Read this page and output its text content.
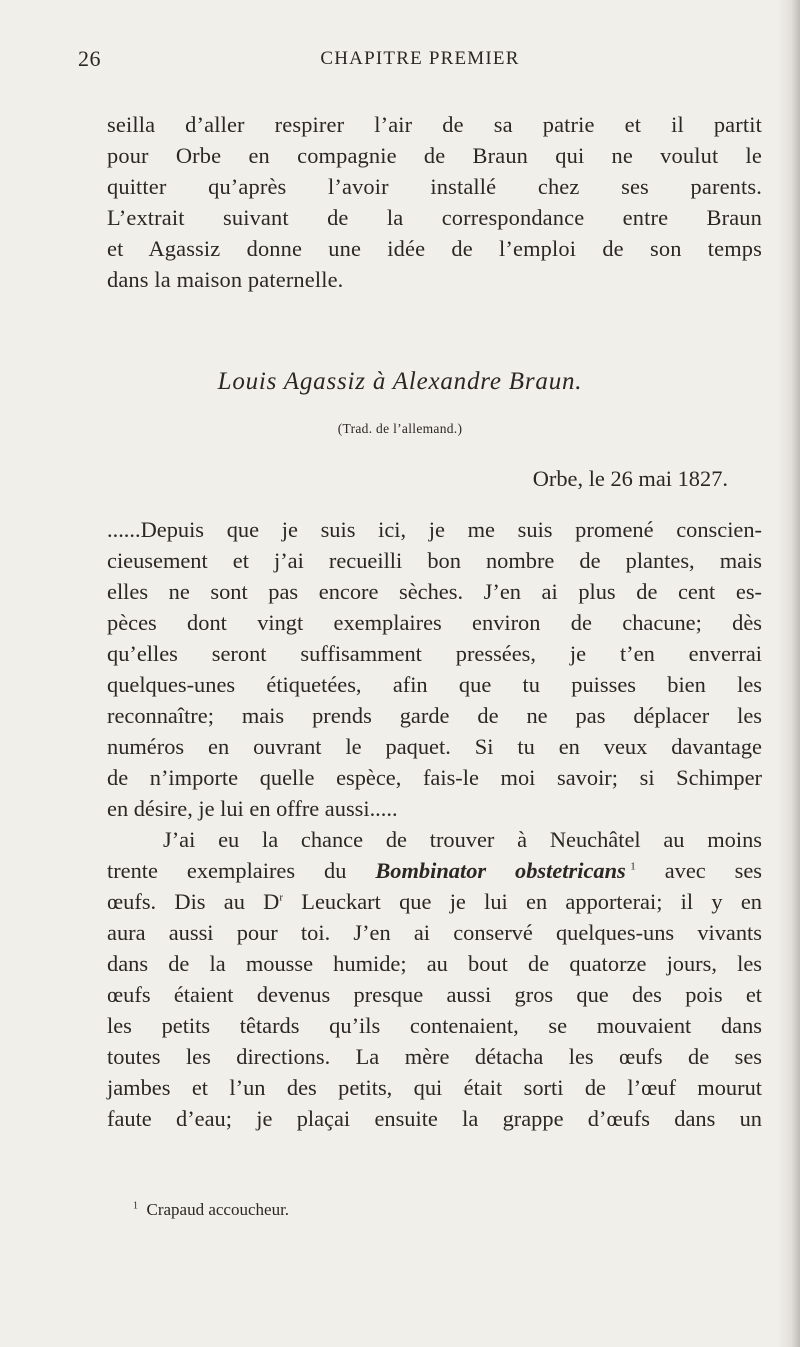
26	CHAPITRE PREMIER
seilla d’aller respirer l’air de sa patrie et il partit
pour Orbe en compagnie de Braun qui ne voulut le
quitter qu’après l’avoir installé chez ses parents.
L’extrait suivant de la correspondance entre Braun
et Agassiz donne une idée de l’emploi de son temps
dans la maison paternelle.
Louis Agassiz à Alexandre Braun.
(Trad. de l’allemand.)
Orbe, le 26 mai 1827.
......Depuis que je suis ici, je me suis promené conscien-
cieusement et j’ai recueilli bon nombre de plantes, mais
elles ne sont pas encore sèches. J’en ai plus de cent es-
pèces dont vingt exemplaires environ de chacune; dès
qu’elles seront suffisamment pressées, je t’en enverrai
quelques-unes étiquetées, afin que tu puisses bien les
reconnaître; mais prends garde de ne pas déplacer les
numéros en ouvrant le paquet. Si tu en veux davantage
de n’importe quelle espèce, fais-le moi savoir; si Schimper
en désire, je lui en offre aussi.....
J’ai eu la chance de trouver à Neuchâtel au moins
trente exemplaires du Bombinator obstetricans  $^1$ avec ses
œufs. Dis au $D^r$ Leuckart que je lui en apporterai; il y en
aura aussi pour toi. J’en ai conservé quelques-uns vivants
dans de la mousse humide; au bout de quatorze jours, les
œufs étaient devenus presque aussi gros que des pois et
les petits têtards qu’ils contenaient, se mouvaient dans
toutes les directions. La mère détacha les œufs de ses
jambes et l’un des petits, qui était sorti de l’œuf mourut
faute d’eau; je plaçai ensuite la grappe d’œufs dans un
$^1$ Crapaud accoucheur.
